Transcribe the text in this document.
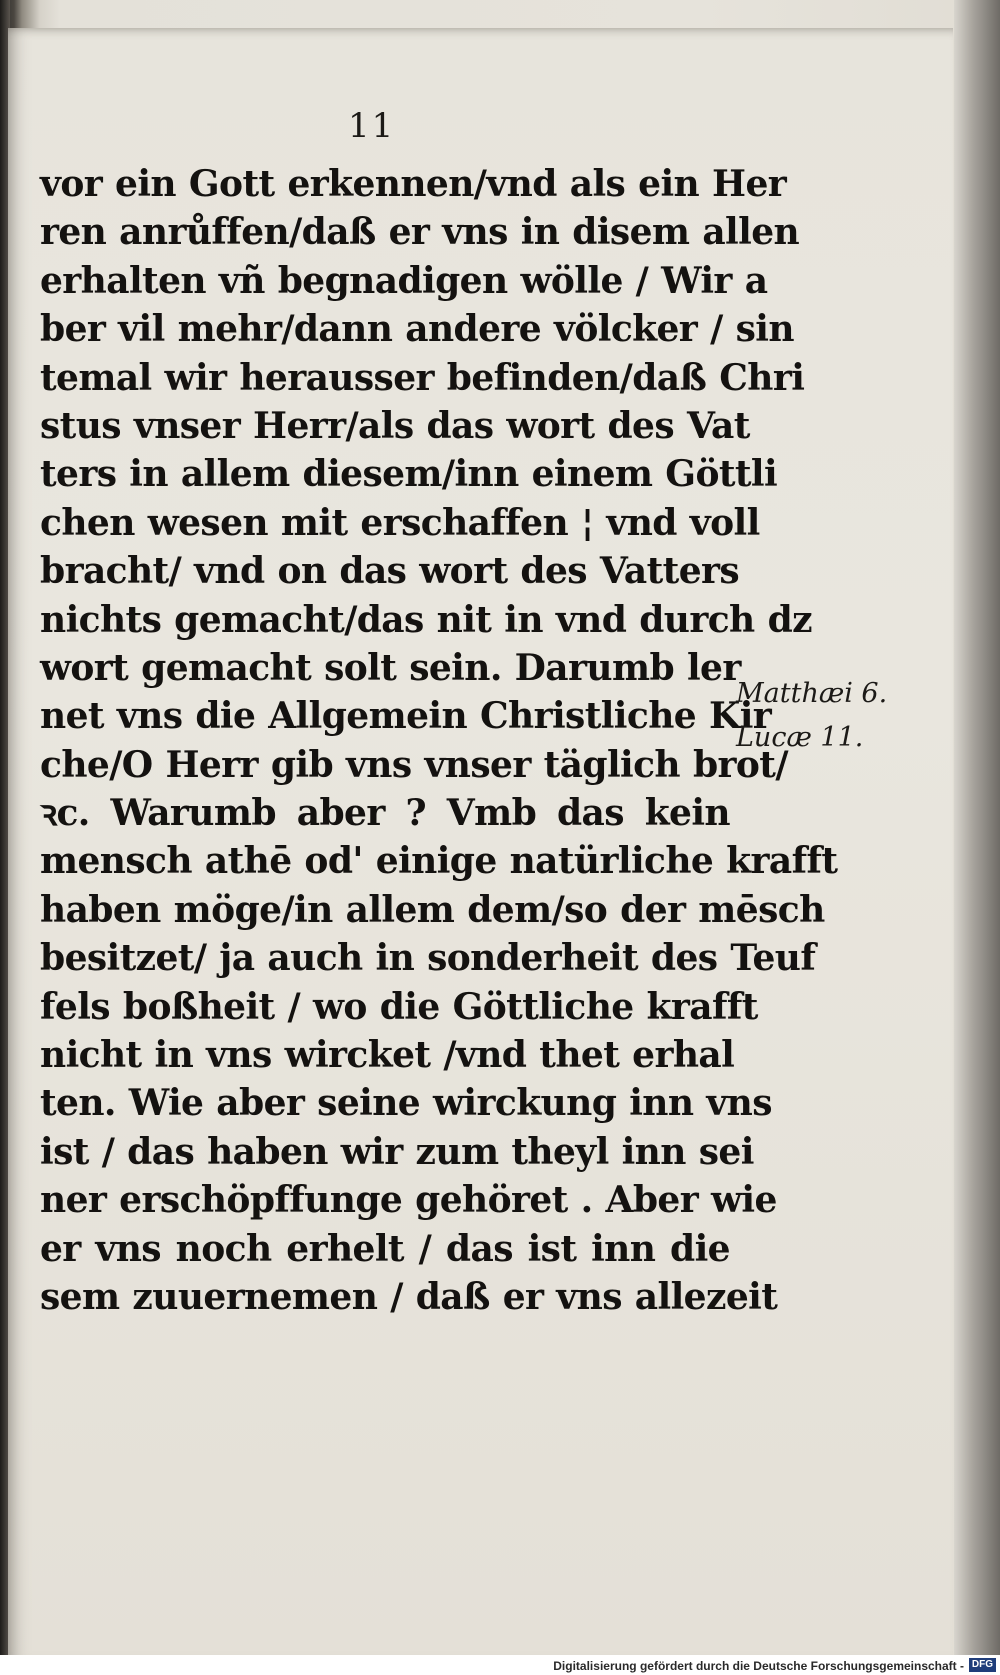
11
vor ein Gott erkennen/vnd als ein Her
ren anrůffen/daß er vns in disem allen
erhalten vñ begnadigen wölle / Wir a
ber vil mehr/dann andere völcker / sin
temal wir herausser befinden/daß Chri
stus vnser Herr/als das wort des Vat
ters in allem diesem/inn einem Göttli
chen wesen mit erschaffen ¦ vnd voll
bracht/ vnd on das wort des Vatters
nichts gemacht/das nit in vnd durch dz
wort gemacht solt sein. Darumb ler
net vns die Allgemein Christliche Kir
che/O Herr gib vns vnser täglich brot/
ꝛc. Warumb aber ? Vmb das kein
mensch athē od' einige natürliche krafft
haben möge/in allem dem/so der mēsch
besitzet/ ja auch in sonderheit des Teuf
fels boßheit / wo die Göttliche krafft
nicht in vns wircket /vnd thet erhal
ten. Wie aber seine wirckung inn vns
ist / das haben wir zum theyl inn sei
ner erschöpffunge gehöret . Aber wie
er vns noch erhelt / das ist inn die
sem zuuernemen / daß er vns allezeit
Matthæi 6.
Lucæ 11.
Digitalisierung gefördert durch die Deutsche Forschungsgemeinschaft - DFG
